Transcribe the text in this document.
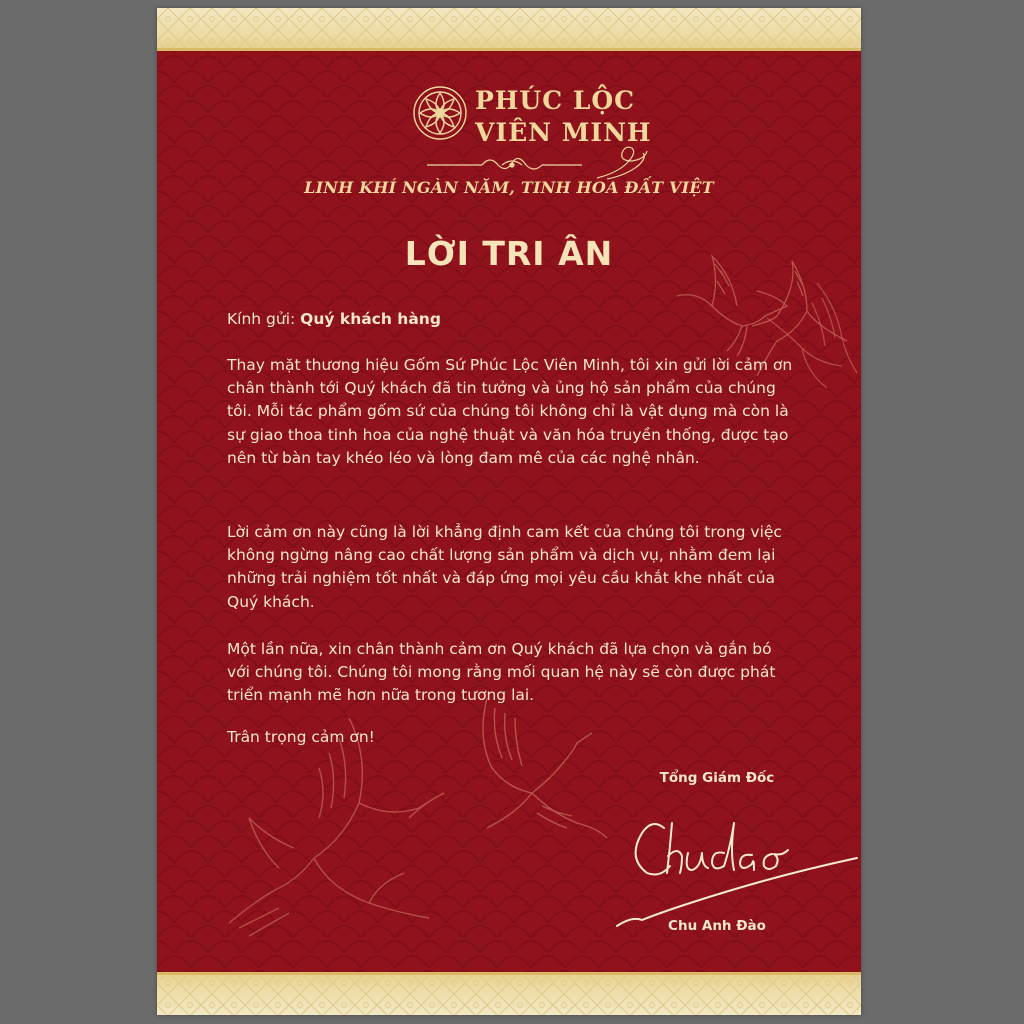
PHÚC LỘC
VIÊN MINH
LINH KHÍ NGÀN NĂM, TINH HOA ĐẤT VIỆT
LỜI TRI ÂN
Kính gửi: Quý khách hàng

Thay mặt thương hiệu Gốm Sứ Phúc Lộc Viên Minh, tôi xin gửi lời cảm ơn chân thành tới Quý khách đã tin tưởng và ủng hộ sản phẩm của chúng tôi. Mỗi tác phẩm gốm sứ của chúng tôi không chỉ là vật dụng mà còn là sự giao thoa tinh hoa của nghệ thuật và văn hóa truyền thống, được tạo nên từ bàn tay khéo léo và lòng đam mê của các nghệ nhân.

Lời cảm ơn này cũng là lời khẳng định cam kết của chúng tôi trong việc không ngừng nâng cao chất lượng sản phẩm và dịch vụ, nhằm đem lại những trải nghiệm tốt nhất và đáp ứng mọi yêu cầu khắt khe nhất của Quý khách.

Một lần nữa, xin chân thành cảm ơn Quý khách đã lựa chọn và gắn bó với chúng tôi. Chúng tôi mong rằng mối quan hệ này sẽ còn được phát triển mạnh mẽ hơn nữa trong tương lai.

Trân trọng cảm ơn!
Tổng Giám Đốc
Chu Anh Đào
